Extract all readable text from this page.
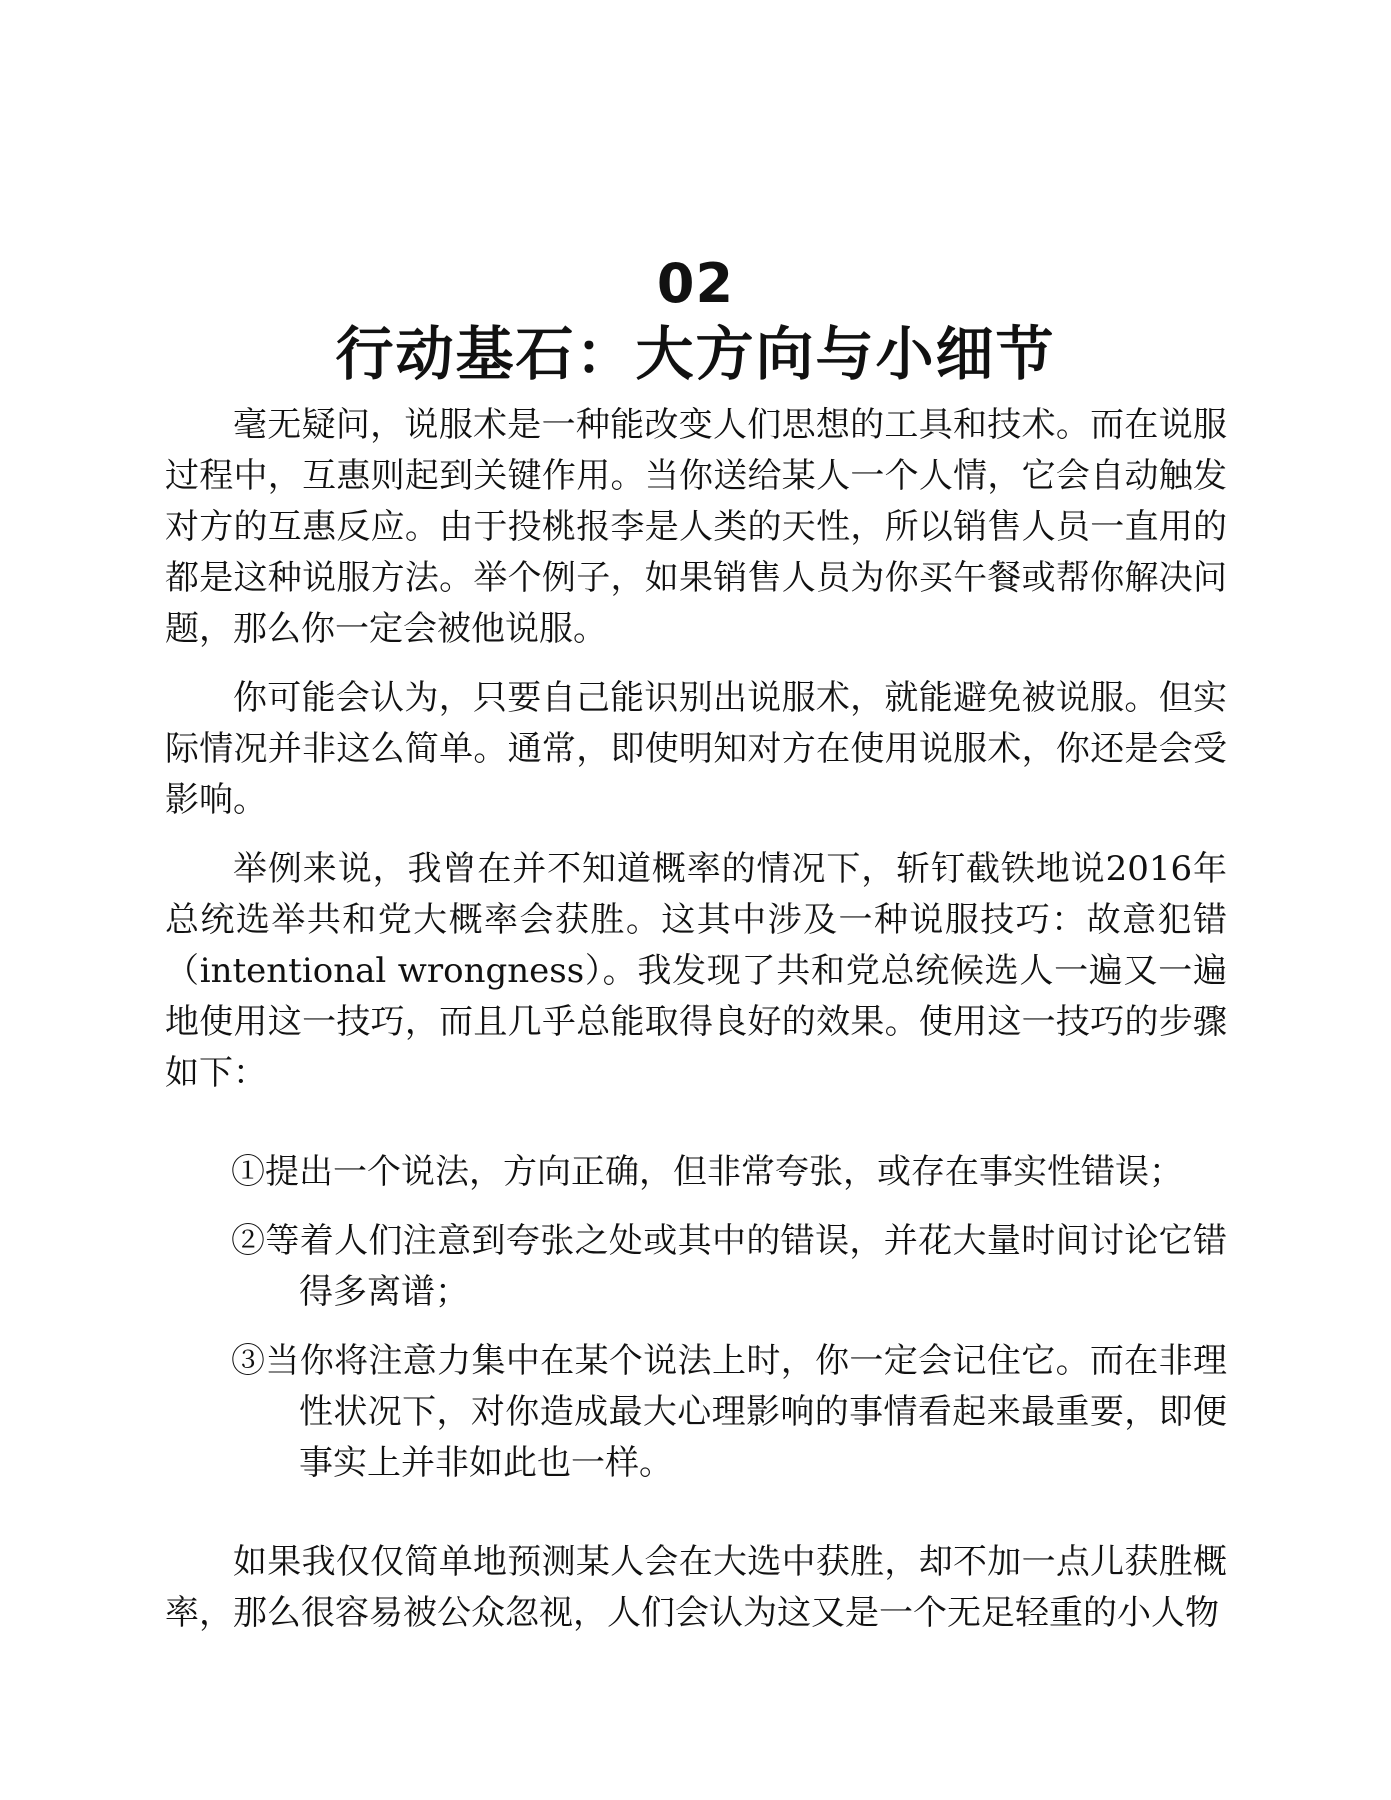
02
行动基石：大方向与小细节

毫无疑问，说服术是一种能改变人们思想的工具和技术。而在说服过程中，互惠则起到关键作用。当你送给某人一个人情，它会自动触发对方的互惠反应。由于投桃报李是人类的天性，所以销售人员一直用的都是这种说服方法。举个例子，如果销售人员为你买午餐或帮你解决问题，那么你一定会被他说服。

你可能会认为，只要自己能识别出说服术，就能避免被说服。但实际情况并非这么简单。通常，即使明知对方在使用说服术，你还是会受影响。

举例来说，我曾在并不知道概率的情况下，斩钉截铁地说2016年总统选举共和党大概率会获胜。这其中涉及一种说服技巧：故意犯错（intentional wrongness）。我发现了共和党总统候选人一遍又一遍地使用这一技巧，而且几乎总能取得良好的效果。使用这一技巧的步骤如下：

①提出一个说法，方向正确，但非常夸张，或存在事实性错误；
②等着人们注意到夸张之处或其中的错误，并花大量时间讨论它错得多离谱；
③当你将注意力集中在某个说法上时，你一定会记住它。而在非理性状况下，对你造成最大心理影响的事情看起来最重要，即便事实上并非如此也一样。

如果我仅仅简单地预测某人会在大选中获胜，却不加一点儿获胜概率，那么很容易被公众忽视，人们会认为这又是一个无足轻重的小人物
